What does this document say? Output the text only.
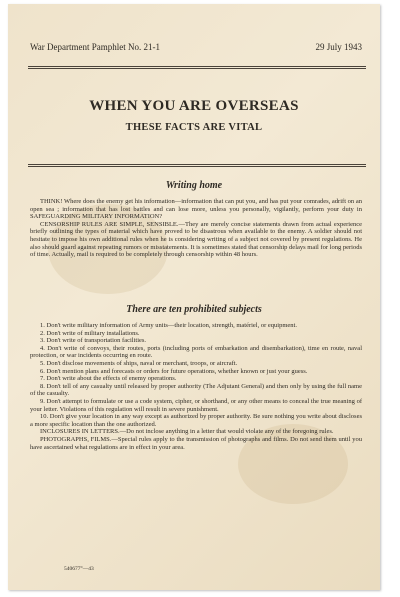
War Department Pamphlet No. 21-1	29 July 1943
WHEN YOU ARE OVERSEAS
THESE FACTS ARE VITAL
Writing home

THINK! Where does the enemy get his information—information that can put you, and has put your comrades, adrift on an open sea ; information that has lost battles and can lose more, unless you personally, vigilantly, perform your duty in SAFEGUARDING MILITARY INFORMATION?

CENSORSHIP RULES ARE SIMPLE, SENSIBLE.—They are merely concise statements drawn from actual experience briefly outlining the types of material which have proved to be disastrous when available to the enemy. A soldier should not hesitate to impose his own additional rules when he is considering writing of a subject not covered by present regulations. He also should guard against repeating rumors or misstatements. It is sometimes stated that censorship delays mail for long periods of time. Actually, mail is required to be completely through censorship within 48 hours.

There are ten prohibited subjects

1. Don't write military information of Army units—their location, strength, matériel, or equipment.

2. Don't write of military installations.

3. Don't write of transportation facilities.

4. Don't write of convoys, their routes, ports (including ports of embarkation and disembarkation), time en route, naval protection, or war incidents occurring en route.

5. Don't disclose movements of ships, naval or merchant, troops, or aircraft.

6. Don't mention plans and forecasts or orders for future operations, whether known or just your guess.

7. Don't write about the effects of enemy operations.

8. Don't tell of any casualty until released by proper authority (The Adjutant General) and then only by using the full name of the casualty.

9. Don't attempt to formulate or use a code system, cipher, or shorthand, or any other means to conceal the true meaning of your letter. Violations of this regulation will result in severe punishment.

10. Don't give your location in any way except as authorized by proper authority. Be sure nothing you write about discloses a more specific location than the one authorized.

INCLOSURES IN LETTERS.—Do not inclose anything in a letter that would violate any of the foregoing rules.

PHOTOGRAPHS, FILMS.—Special rules apply to the transmission of photographs and films. Do not send them until you have ascertained what regulations are in effect in your area.

540677°—43
